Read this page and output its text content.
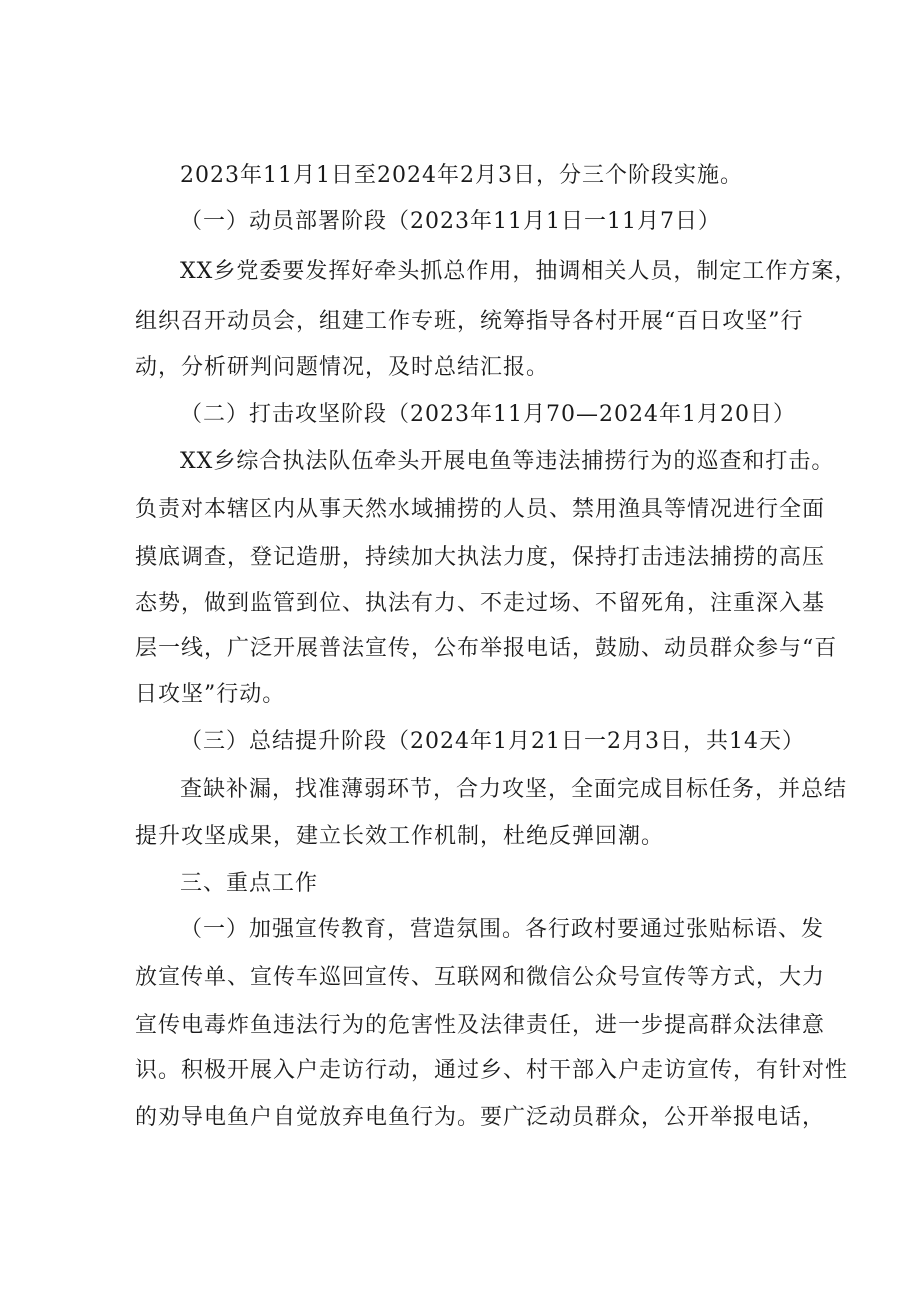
2023年11月1日至2024年2月3日，分三个阶段实施。
（一）动员部署阶段（2023年11月1日一11月7日）
XX乡党委要发挥好牵头抓总作用，抽调相关人员，制定工作方案，
组织召开动员会，组建工作专班，统筹指导各村开展“百日攻坚”行
动，分析研判问题情况，及时总结汇报。
（二）打击攻坚阶段（2023年11月70—2024年1月20日）
XX乡综合执法队伍牵头开展电鱼等违法捕捞行为的巡查和打击。
负责对本辖区内从事天然水域捕捞的人员、禁用渔具等情况进行全面
摸底调查，登记造册，持续加大执法力度，保持打击违法捕捞的高压
态势，做到监管到位、执法有力、不走过场、不留死角，注重深入基
层一线，广泛开展普法宣传，公布举报电话，鼓励、动员群众参与“百
日攻坚”行动。
（三）总结提升阶段（2024年1月21日一2月3日，共14天）
查缺补漏，找准薄弱环节，合力攻坚，全面完成目标任务，并总结
提升攻坚成果，建立长效工作机制，杜绝反弹回潮。
三、重点工作
（一）加强宣传教育，营造氛围。各行政村要通过张贴标语、发
放宣传单、宣传车巡回宣传、互联网和微信公众号宣传等方式，大力
宣传电毒炸鱼违法行为的危害性及法律责任，进一步提高群众法律意
识。积极开展入户走访行动，通过乡、村干部入户走访宣传，有针对性
的劝导电鱼户自觉放弃电鱼行为。要广泛动员群众，公开举报电话，
